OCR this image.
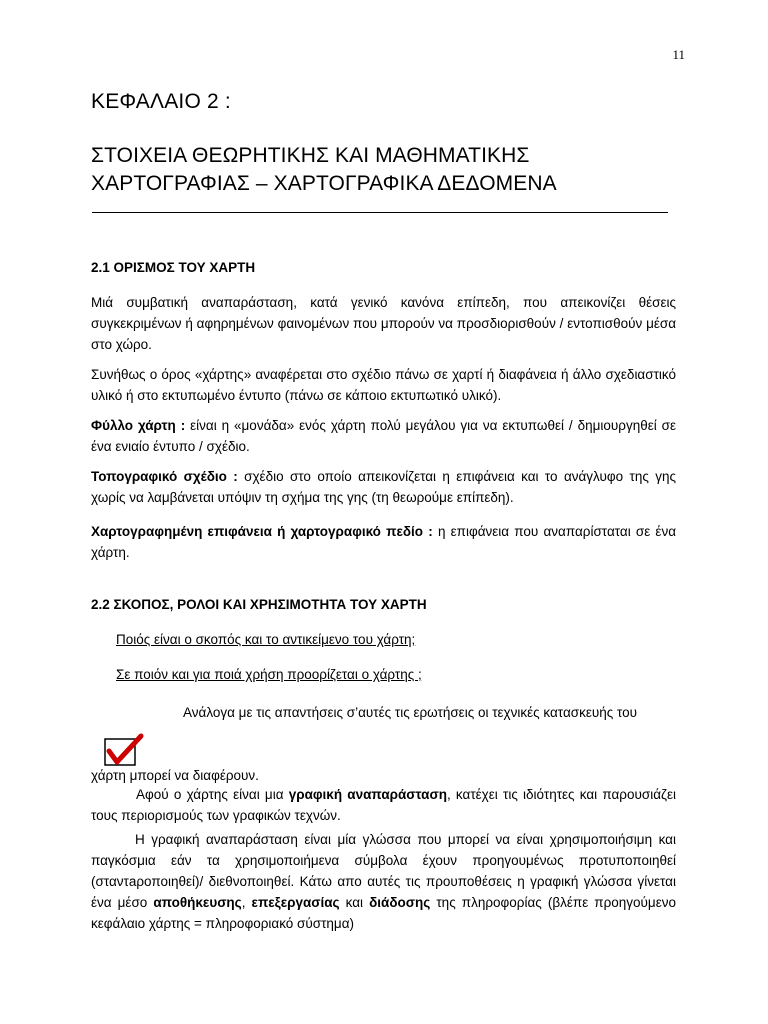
11
ΚΕΦΑΛΑΙΟ 2 :
ΣΤΟΙΧΕΙΑ ΘΕΩΡΗΤΙΚΗΣ ΚΑΙ ΜΑΘΗΜΑΤΙΚΗΣ ΧΑΡΤΟΓΡΑΦΙΑΣ – ΧΑΡΤΟΓΡΑΦΙΚΑ ΔΕΔΟΜΕΝΑ
2.1 ΟΡΙΣΜΟΣ ΤΟΥ ΧΑΡΤΗ
Μιά συμβατική αναπαράσταση, κατά γενικό κανόνα επίπεδη, που απεικονίζει θέσεις συγκεκριμένων ή αφηρημένων φαινομένων που μπορούν να προσδιορισθούν / εντοπισθούν μέσα στο χώρο.
Συνήθως ο όρος «χάρτης» αναφέρεται στο σχέδιο πάνω σε χαρτί ή διαφάνεια ή άλλο σχεδιαστικό υλικό ή στο εκτυπωμένο έντυπο (πάνω σε κάποιο εκτυπωτικό υλικό).
Φύλλο χάρτη : είναι η «μονάδα» ενός χάρτη πολύ μεγάλου για να εκτυπωθεί / δημιουργηθεί σε ένα ενιαίο έντυπο / σχέδιο.
Τοπογραφικό σχέδιο : σχέδιο στο οποίο απεικονίζεται η επιφάνεια και το ανάγλυφο της γης χωρίς να λαμβάνεται υπόψιν τη σχήμα της γης (τη θεωρούμε επίπεδη).
Χαρτογραφημένη επιφάνεια ή χαρτογραφικό πεδίο : η επιφάνεια που αναπαρίσταται σε ένα χάρτη.
2.2 ΣΚΟΠΟΣ, ΡΟΛΟΙ ΚΑΙ ΧΡΗΣΙΜΟΤΗΤΑ ΤΟΥ ΧΑΡΤΗ
Ποιός είναι ο σκοπός και το αντικείμενο του χάρτη;
Σε ποιόν και για ποιά χρήση προορίζεται ο χάρτης ;
Ανάλογα με τις απαντήσεις σ’αυτές τις ερωτήσεις οι τεχνικές κατασκευής του
χάρτη μπορεί να διαφέρουν.
Αφού ο χάρτης είναι μια γραφική αναπαράσταση, κατέχει τις ιδιότητες και παρουσιάζει τους περιορισμούς των γραφικών τεχνών.
Η γραφική αναπαράσταση είναι μία γλώσσα που μπορεί να είναι χρησιμοποιήσιμη και παγκόσμια εάν τα χρησιμοποιήμενα σύμβολα έχουν προηγουμένως προτυποποιηθεί (σταντaροποιηθεί)/ διεθνοποιηθεί. Κάτω απο αυτές τις προυποθέσεις η γραφική γλώσσα γίνεται ένα μέσο αποθήκευσης, επεξεργασίας και διάδοσης της πληροφορίας (βλέπε προηγούμενο κεφάλαιο χάρτης = πληροφοριακό σύστημα)
